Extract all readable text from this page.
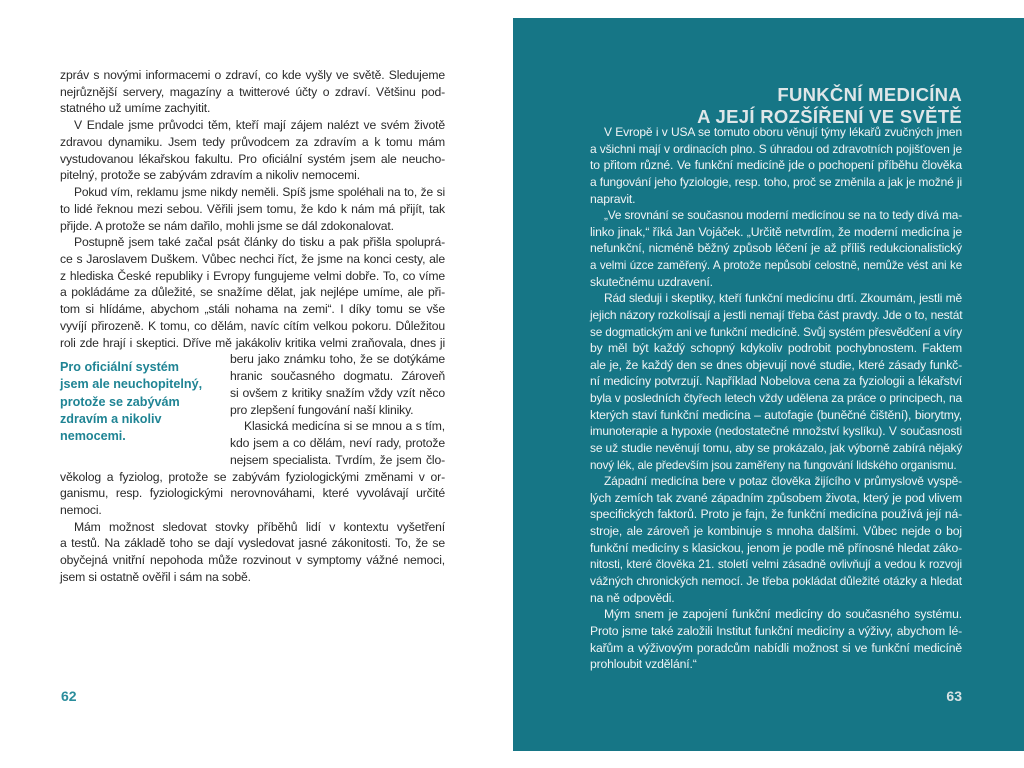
zpráv s novými informacemi o zdraví, co kde vyšly ve světě. Sledujeme
nejrůznější servery, magazíny a twitterové účty o zdraví. Většinu pod-
statného už umíme zachyitit.
V Endale jsme průvodci těm, kteří mají zájem nalézt ve svém životě
zdravou dynamiku. Jsem tedy průvodcem za zdravím a k tomu mám
vystudovanou lékařskou fakultu. Pro oficiální systém jsem ale neucho-
pitelný, protože se zabývám zdravím a nikoliv nemocemi.
Pokud vím, reklamu jsme nikdy neměli. Spíš jsme spoléhali na to, že si
to lidé řeknou mezi sebou. Věřili jsem tomu, že kdo k nám má přijít, tak
přijde. A protože se nám dařilo, mohli jsme se dál zdokonalovat.
Postupně jsem také začal psát články do tisku a pak přišla spoluprá-
ce s Jaroslavem Duškem. Vůbec nechci říct, že jsme na konci cesty, ale
z hlediska České republiky i Evropy fungujeme velmi dobře. To, co víme
a pokládáme za důležité, se snažíme dělat, jak nejlépe umíme, ale při-
tom si hlídáme, abychom „stáli nohama na zemi“. I díky tomu se vše
vyvíjí přirozeně. K tomu, co dělám, navíc cítím velkou pokoru. Důležitou
roli zde hrají i skeptici. Dříve mě jakákoliv kritika velmi zraňovala, dnes ji
beru jako známku toho, že se dotýkáme
hranic současného dogmatu. Zároveň
si ovšem z kritiky snažím vždy vzít něco
pro zlepšení fungování naší kliniky.
Klasická medicína si se mnou a s tím,
kdo jsem a co dělám, neví rady, protože
nejsem specialista. Tvrdím, že jsem člo-
věkolog a fyziolog, protože se zabývám fyziologickými změnami v or-
ganismu, resp. fyziologickými nerovnováhami, které vyvolávají určité
nemoci.
Mám možnost sledovat stovky příběhů lidí v kontextu vyšetření
a testů. Na základě toho se dají vysledovat jasné zákonitosti. To, že se
obyčejná vnitřní nepohoda může rozvinout v symptomy vážné nemoci,
jsem si ostatně ověřil i sám na sobě.
Pro oficiální systém
jsem ale neuchopitelný,
protože se zabývám
zdravím a nikoliv
nemocemi.
62
FUNKČNÍ MEDICÍNA
A JEJÍ ROZŠÍŘENÍ VE SVĚTĚ
V Evropě i v USA se tomuto oboru věnují týmy lékařů zvučných jmen
a všichni mají v ordinacích plno. S úhradou od zdravotních pojišťoven je
to přitom různé. Ve funkční medicíně jde o pochopení příběhu člověka
a fungování jeho fyziologie, resp. toho, proč se změnila a jak je možné ji
napravit.
„Ve srovnání se současnou moderní medicínou se na to tedy dívá ma-
linko jinak,“ říká Jan Vojáček. „Určitě netvrdím, že moderní medicína je
nefunkční, nicméně běžný způsob léčení je až příliš redukcionalistický
a velmi úzce zaměřený. A protože nepůsobí celostně, nemůže vést ani ke
skutečnému uzdravení.
Rád sleduji i skeptiky, kteří funkční medicínu drtí. Zkoumám, jestli mě
jejich názory rozkolísají a jestli nemají třeba část pravdy. Jde o to, nestát
se dogmatickým ani ve funkční medicíně. Svůj systém přesvědčení a víry
by měl být každý schopný kdykoliv podrobit pochybnostem. Faktem
ale je, že každý den se dnes objevují nové studie, které zásady funkč-
ní medicíny potvrzují. Například Nobelova cena za fyziologii a lékařství
byla v posledních čtyřech letech vždy udělena za práce o principech, na
kterých staví funkční medicína – autofagie (buněčné čištění), biorytmy,
imunoterapie a hypoxie (nedostatečné množství kyslíku). V současnosti
se už studie nevěnují tomu, aby se prokázalo, jak výborně zabírá nějaký
nový lék, ale především jsou zaměřeny na fungování lidského organismu.
Západní medicína bere v potaz člověka žijícího v průmyslově vyspě-
lých zemích tak zvané západním způsobem života, který je pod vlivem
specifických faktorů. Proto je fajn, že funkční medicína používá její ná-
stroje, ale zároveň je kombinuje s mnoha dalšími. Vůbec nejde o boj
funkční medicíny s klasickou, jenom je podle mě přínosné hledat záko-
nitosti, které člověka 21. století velmi zásadně ovlivňují a vedou k rozvoji
vážných chronických nemocí. Je třeba pokládat důležité otázky a hledat
na ně odpovědi.
Mým snem je zapojení funkční medicíny do současného systému.
Proto jsme také založili Institut funkční medicíny a výživy, abychom lé-
kařům a výživovým poradcům nabídli možnost si ve funkční medicíně
prohloubit vzdělání.“
63
